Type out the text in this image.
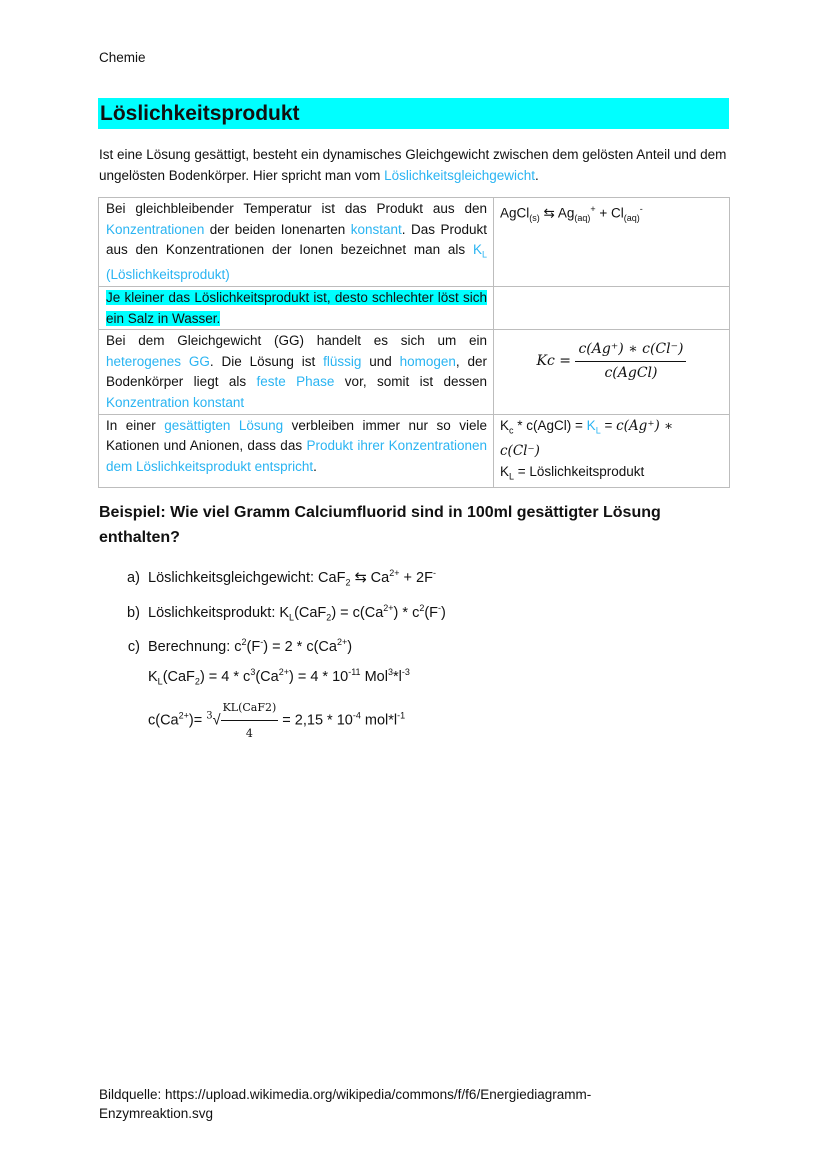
Chemie
Löslichkeitsprodukt

Ist eine Lösung gesättigt, besteht ein dynamisches Gleichgewicht zwischen dem gelösten Anteil und dem ungelösten Bodenkörper. Hier spricht man vom Löslichkeitsgleichgewicht.

Bei gleichbleibender Temperatur ist das Produkt aus den Konzentrationen der beiden Ionenarten konstant. Das Produkt aus den Konzentrationen der Ionen bezeichnet man als $K_L$ (Löslichkeitsprodukt)	AgCl$_{(s)}$ ⇆ $Ag_{(aq)}^+ + Cl_{(aq)}^-$
Je kleiner das Löslichkeitsprodukt ist, desto schlechter löst sich ein Salz in Wasser.	
Bei dem Gleichgewicht (GG) handelt es sich um ein heterogenes GG. Die Lösung ist flüssig und homogen, der Bodenkörper liegt als feste Phase vor, somit ist dessen Konzentration konstant	$Kc = \frac{c(Ag^+) ∗ c(Cl^-)}{\text{c(AgCl)}}$

In einer gesättigten Lösung verbleiben immer nur so viele Kationen und Anionen, dass das Produkt ihrer Konzentrationen dem Löslichkeitsprodukt entspricht.	$K_c$ * c(AgCl) = $K_L = c(Ag^+)$ ∗
c(Cl⁻)
$K_L$ = Löslichkeitsprodukt
Beispiel: Wie viel Gramm Calciumfluorid sind in 100ml gesättigter Lösung enthalten?
a. Löslichkeitsgleichgewicht: CaF$_2$ ⇆ $Ca^{2+} + 2F^-$
b. Löslichkeitsprodukt: $K_L(CaF_2) = c(Ca^{2+}) * c^2(F^-)$
c. Berechnung: $c^2(F^-) = 2 * c(Ca^{2+})$
$K_L(CaF_2) = 4 * c^3(Ca^{2+}) = 4 * 10^{-11}$ $Mol^3*l^{-3}$
$c(Ca^{2+})= ^3√ \frac{\text{KL(CaF2)}}{4} = 2,15 * 10^{-4}$ $mol*l^{-1}$
Bildquelle: https://upload.wikimedia.org/wikipedia/commons/f/f6/Energiediagramm-
Enzymreaktion.svg
